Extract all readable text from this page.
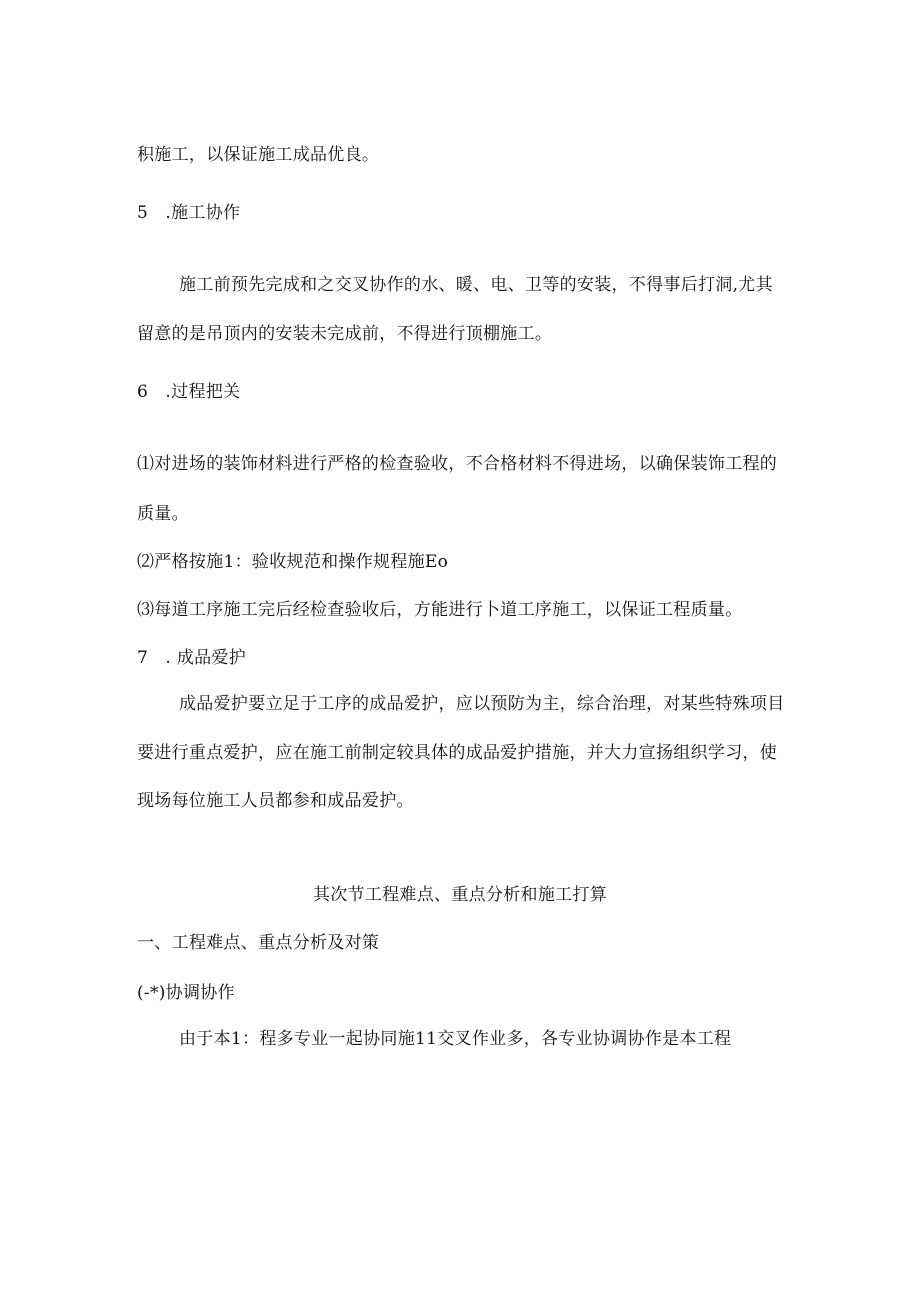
积施工，以保证施工成品优良。
5　.施工协作
施工前预先完成和之交叉协作的水、暖、电、卫等的安装，不得事后打洞,尤其
留意的是吊顶内的安装未完成前，不得进行顶棚施工。
6　.过程把关
⑴对进场的装饰材料进行严格的检查验收，不合格材料不得进场，以确保装饰工程的
质量。
⑵严格按施1：验收规范和操作规程施Eo
⑶每道工序施工完后经检查验收后，方能进行卜道工序施工，以保证工程质量。
7　. 成品爱护
成品爱护要立足于工序的成品爱护，应以预防为主，综合治理，对某些特殊项目
要进行重点爱护，应在施工前制定较具体的成品爱护措施，并大力宣扬组织学习，使
现场每位施工人员都参和成品爱护。
其次节工程难点、重点分析和施工打算
一、工程难点、重点分析及对策
(-*)协调协作
由于本1：程多专业一起协同施11交叉作业多，各专业协调协作是本工程
